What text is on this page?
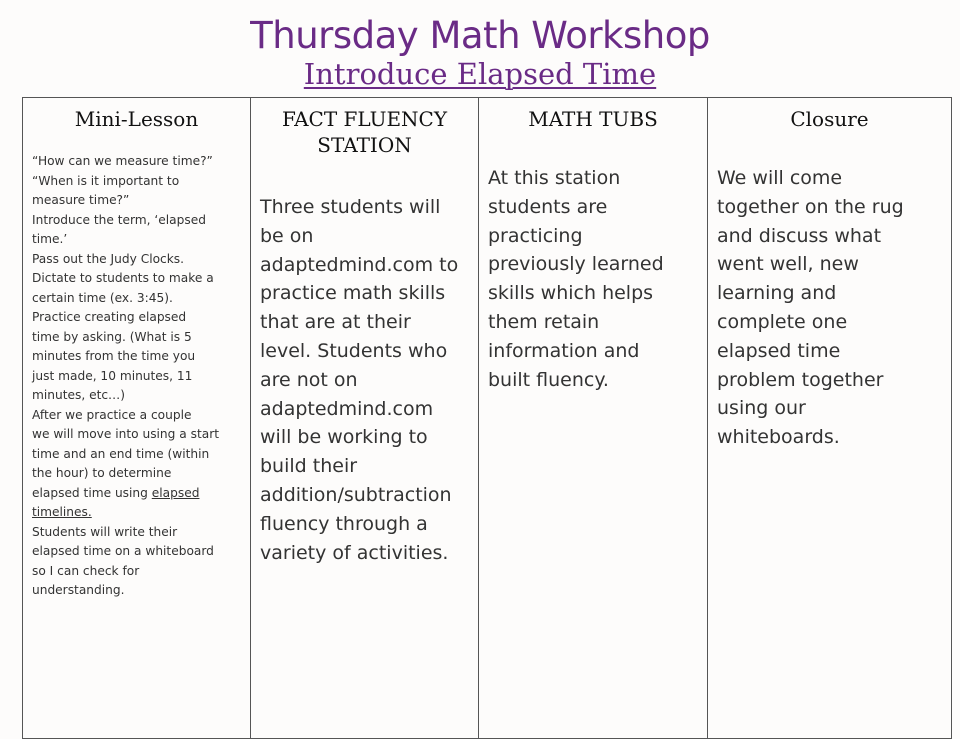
Thursday Math Workshop
Introduce Elapsed Time
Mini-Lesson
“How can we measure time?”
“When is it important to
measure time?”
Introduce the term, ‘elapsed
time.’
Pass out the Judy Clocks.
Dictate to students to make a
certain time (ex. 3:45).
Practice creating elapsed
time by asking. (What is 5
minutes from the time you
just made, 10 minutes, 11
minutes, etc…)
After we practice a couple
we will move into using a start
time and an end time (within
the hour) to determine
elapsed time using elapsed
timelines.
Students will write their
elapsed time on a whiteboard
so I can check for
understanding.
FACT FLUENCY
STATION
Three students will
be on
adaptedmind.com to
practice math skills
that are at their
level. Students who
are not on
adaptedmind.com
will be working to
build their
addition/subtraction
fluency through a
variety of activities.
MATH TUBS
At this station
students are
practicing
previously learned
skills which helps
them retain
information and
built fluency.
Closure
We will come
together on the rug
and discuss what
went well, new
learning and
complete one
elapsed time
problem together
using our
whiteboards.
